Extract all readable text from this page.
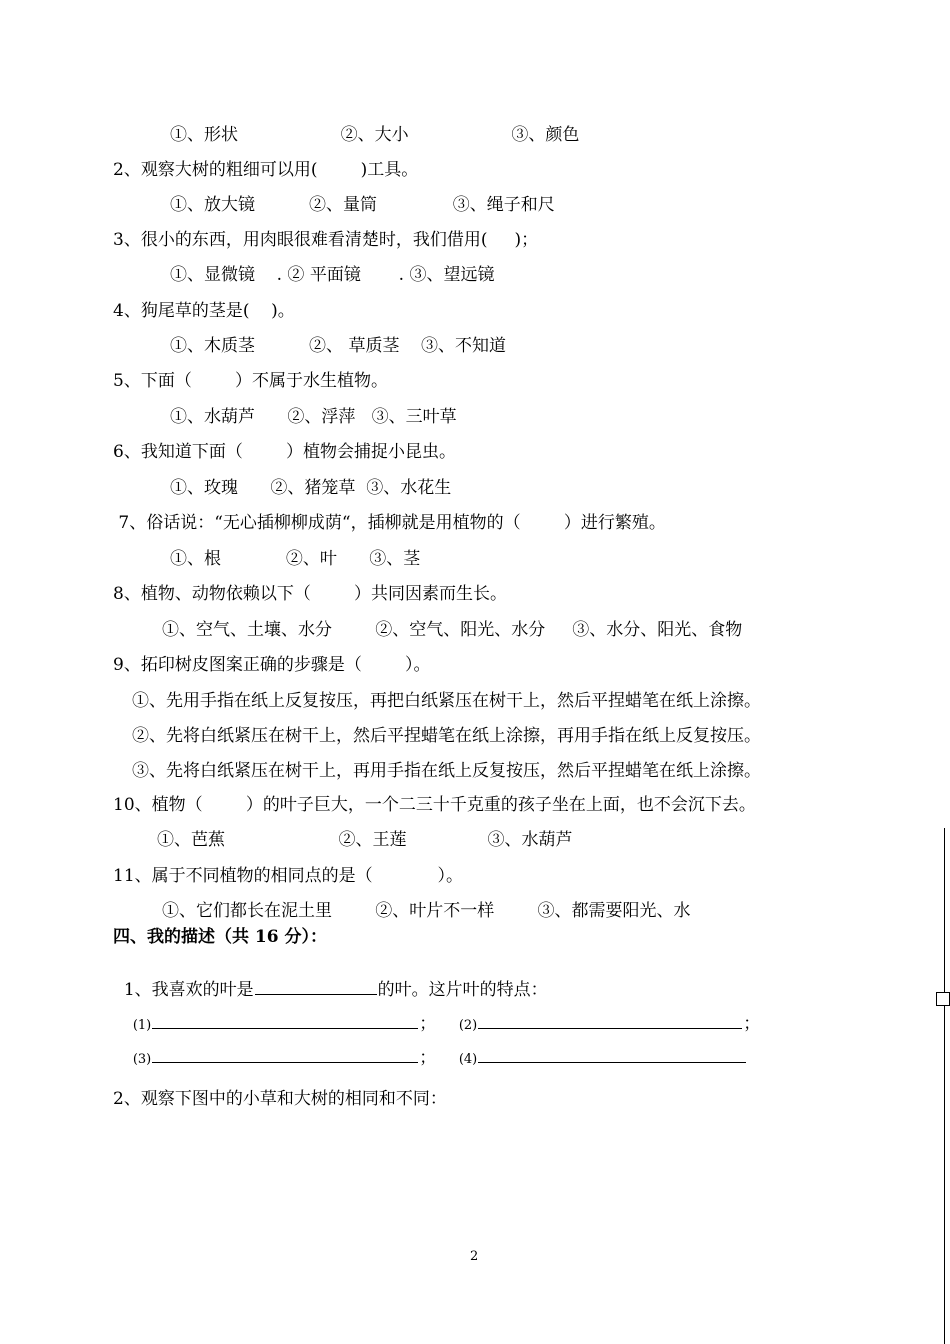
①、形状                   ②、大小                   ③、颜色
2、观察大树的粗细可以用(        )工具。
①、放大镜          ②、量筒              ③、绳子和尺
3、很小的东西，用肉眼很难看清楚时，我们借用(     )；
①、显微镜    . ② 平面镜       . ③、望远镜
4、狗尾草的茎是(    )。
①、木质茎          ②、 草质茎    ③、不知道
5、下面（        ）不属于水生植物。
①、水葫芦      ②、浮萍   ③、三叶草
6、我知道下面（        ）植物会捕捉小昆虫。
①、玫瑰      ②、猪笼草  ③、水花生
7、俗话说：“无心插柳柳成荫“，插柳就是用植物的（        ）进行繁殖。
①、根            ②、叶      ③、茎
8、植物、动物依赖以下（        ）共同因素而生长。
①、空气、土壤、水分        ②、空气、阳光、水分     ③、水分、阳光、食物
9、拓印树皮图案正确的步骤是（        ）。
①、先用手指在纸上反复按压，再把白纸紧压在树干上，然后平捏蜡笔在纸上涂擦。
②、先将白纸紧压在树干上，然后平捏蜡笔在纸上涂擦，再用手指在纸上反复按压。
③、先将白纸紧压在树干上，再用手指在纸上反复按压，然后平捏蜡笔在纸上涂擦。
10、植物（        ）的叶子巨大，一个二三十千克重的孩子坐在上面，也不会沉下去。
①、芭蕉                     ②、王莲               ③、水葫芦
11、属于不同植物的相同点的是（            ）。
①、它们都长在泥土里        ②、叶片不一样        ③、都需要阳光、水
四、我的描述（共 16 分）：

1、我喜欢的叶是	的叶。这片叶的特点：

(1)	；	(2)	；

(3)	；	(4)

2、观察下图中的小草和大树的相同和不同：
2
